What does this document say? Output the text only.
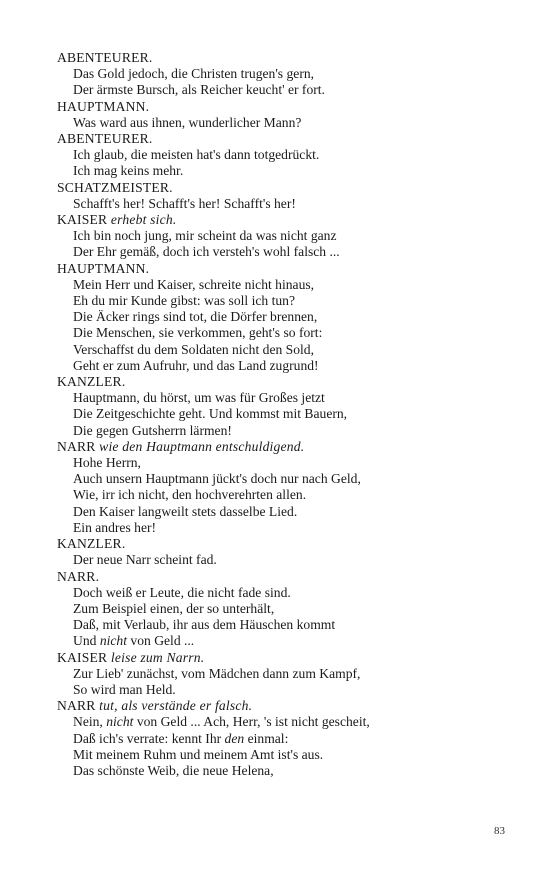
ABENTEURER.
Das Gold jedoch, die Christen trugen's gern,
Der ärmste Bursch, als Reicher keucht' er fort.
HAUPTMANN.
Was ward aus ihnen, wunderlicher Mann?
ABENTEURER.
Ich glaub, die meisten hat's dann totgedrückt.
Ich mag keins mehr.
SCHATZMEISTER.
Schafft's her! Schafft's her! Schafft's her!
KAISER erhebt sich.
Ich bin noch jung, mir scheint da was nicht ganz
Der Ehr gemäß, doch ich versteh's wohl falsch ...
HAUPTMANN.
Mein Herr und Kaiser, schreite nicht hinaus,
Eh du mir Kunde gibst: was soll ich tun?
Die Äcker rings sind tot, die Dörfer brennen,
Die Menschen, sie verkommen, geht's so fort:
Verschaffst du dem Soldaten nicht den Sold,
Geht er zum Aufruhr, und das Land zugrund!
KANZLER.
Hauptmann, du hörst, um was für Großes jetzt
Die Zeitgeschichte geht. Und kommst mit Bauern,
Die gegen Gutsherrn lärmen!
NARR wie den Hauptmann entschuldigend.
Hohe Herrn,
Auch unsern Hauptmann jückt's doch nur nach Geld,
Wie, irr ich nicht, den hochverehrten allen.
Den Kaiser langweilt stets dasselbe Lied.
Ein andres her!
KANZLER.
Der neue Narr scheint fad.
NARR.
Doch weiß er Leute, die nicht fade sind.
Zum Beispiel einen, der so unterhält,
Daß, mit Verlaub, ihr aus dem Häuschen kommt
Und nicht von Geld ...
KAISER leise zum Narrn.
Zur Lieb' zunächst, vom Mädchen dann zum Kampf,
So wird man Held.
NARR tut, als verstände er falsch.
Nein, nicht von Geld ... Ach, Herr, 's ist nicht gescheit,
Daß ich's verrate: kennt Ihr den einmal:
Mit meinem Ruhm und meinem Amt ist's aus.
Das schönste Weib, die neue Helena,
83
